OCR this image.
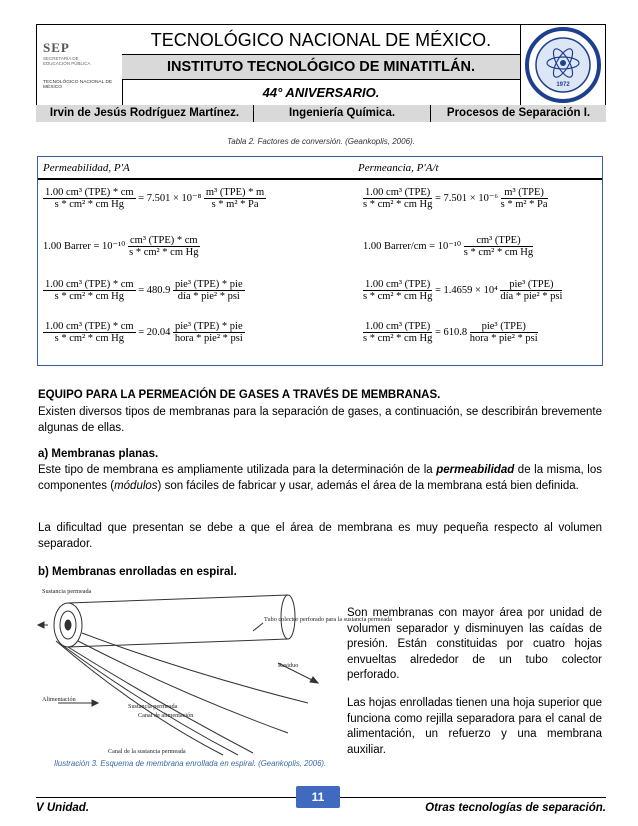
SEP
SECRETARÍA DE
EDUCACIÓN PÚBLICA
TECNOLÓGICO NACIONAL DE MÉXICO
TECNOLÓGICO NACIONAL DE MÉXICO.
INSTITUTO TECNOLÓGICO DE MINATITLÁN.
44° ANIVERSARIO.	1972
Irvin de Jesús Rodríguez Martínez.	Ingeniería Química.	Procesos de Separación I.
Tabla 2. Factores de conversión. (Geankoplis, 2006).
Permeabilidad, P'A	Permeancia, P'A/t
$\frac{\text{1.00 cm³ (TPE) * cm}}{\text{s * cm² * cm Hg}} = 7.501 \times 10^{-8} \frac{\text{m³ (TPE) * m}}{\text{s * m² * Pa}}$	$\frac{\text{1.00 cm³ (TPE)}}{\text{s * cm² * cm Hg}} = 7.501 \times 10^{-6} \frac{\text{m³ (TPE)}}{\text{s * m² * Pa}}$
1.00 Barrer = $10^{-10} \frac{\text{cm³ (TPE) * cm}}{\text{s * cm² * cm Hg}}$	1.00 Barrer/cm = $10^{-10} \frac{\text{cm³ (TPE)}}{\text{s * cm² * cm Hg}}$
$\frac{\text{1.00 cm³ (TPE) * cm}}{\text{s * cm² * cm Hg}} = 480.9 \frac{\text{pie³ (TPE) * pie}}{\text{día * pie² * psi}}$	$\frac{\text{1.00 cm³ (TPE)}}{\text{s * cm² * cm Hg}} = 1.4659 \times 10^4 \frac{\text{pie³ (TPE)}}{\text{día * pie² * psi}}$
$\frac{\text{1.00 cm³ (TPE) * cm}}{\text{s * cm² * cm Hg}} = 20.04 \frac{\text{pie³ (TPE) * pie}}{\text{hora * pie² * psi}}$	$\frac{\text{1.00 cm³ (TPE)}}{\text{s * cm² * cm Hg}} = 610.8 \frac{\text{pie³ (TPE)}}{\text{hora * pie² * psi}}$
EQUIPO PARA LA PERMEACIÓN DE GASES A TRAVÉS DE MEMBRANAS.
Existen diversos tipos de membranas para la separación de gases, a continuación, se describirán brevemente algunas de ellas.
a) Membranas planas.
Este tipo de membrana es ampliamente utilizada para la determinación de la permeabilidad de la misma, los componentes (módulos) son fáciles de fabricar y usar, además el área de la membrana está bien definida.
La dificultad que presentan se debe a que el área de membrana es muy pequeña respecto al volumen separador.
b) Membranas enrolladas en espiral.
Sustancia permeada
Tubo colector perforado para la sustancia permeada
Residuo
Alimentación
Sustancia permeada
Canal de alimentación
Canal de la sustancia permeada
Son membranas con mayor área por unidad de volumen separador y disminuyen las caídas de presión. Están constituidas por cuatro hojas envueltas alrededor de un tubo colector perforado.
Las hojas enrolladas tienen una hoja superior que funciona como rejilla separadora para el canal de alimentación, un refuerzo y una membrana auxiliar.
Ilustración 3. Esquema de membrana enrollada en espiral. (Geankoplis, 2006).
V Unidad.	Otras tecnologías de separación.
11
